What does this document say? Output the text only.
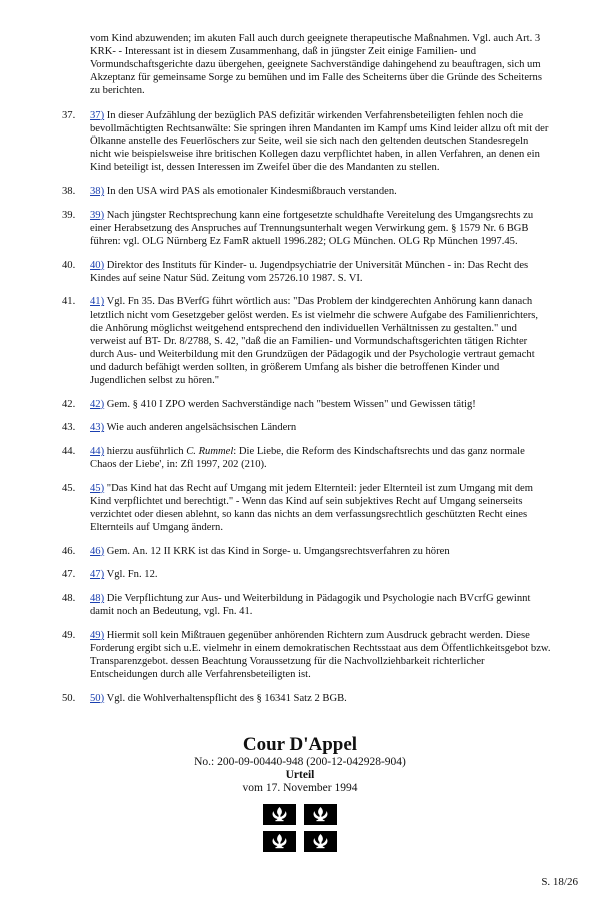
vom Kind abzuwenden; im akuten Fall auch durch geeignete therapeutische Maßnahmen. Vgl. auch Art. 3 KRK- - Interessant ist in diesem Zusammenhang, daß in jüngster Zeit einige Familien- und Vormundschaftsgerichte dazu übergehen, geeignete Sachverständige dahingehend zu beauftragen, sich um Akzeptanz für gemeinsame Sorge zu bemühen und im Falle des Scheiterns über die Gründe des Scheiterns zu berichten.

37.	37) In dieser Aufzählung der bezüglich PAS defizitär wirkenden Verfahrensbeteiligten fehlen noch die bevollmächtigten Rechtsanwälte: Sie springen ihren Mandanten im Kampf ums Kind leider allzu oft mit der Ölkanne anstelle des Feuerlöschers zur Seite, weil sie sich nach den geltenden deutschen Standesregeln nicht wie beispielsweise ihre britischen Kollegen dazu verpflichtet haben, in allen Verfahren, an denen ein Kind beteiligt ist, dessen Interessen im Zweifel über die des Mandanten zu stellen.
38.	38) In den USA wird PAS als emotionaler Kindesmißbrauch verstanden.
39.	39) Nach jüngster Rechtsprechung kann eine fortgesetzte schuldhafte Vereitelung des Umgangsrechts zu einer Herabsetzung des Anspruches auf Trennungsunterhalt wegen Verwirkung gem. § 1579 Nr. 6 BGB führen: vgl. OLG Nürnberg Ez FamR aktuell 1996.282; OLG München. OLG Rp München 1997.45.
40.	40) Direktor des Instituts für Kinder- u. Jugendpsychiatrie der Universität München - in: Das Recht des Kindes auf seine Natur Süd. Zeitung vom 25726.10 1987. S. VI.
41.	41) Vgl. Fn 35. Das BVerfG führt wörtlich aus: "Das Problem der kindgerechten Anhörung kann danach letztlich nicht vom Gesetzgeber gelöst werden. Es ist vielmehr die schwere Aufgabe des Familienrichters, die Anhörung möglichst weitgehend entsprechend den individuellen Verhältnissen zu gestalten." und verweist auf BT- Dr. 8/2788, S. 42, "daß die an Familien- und Vormundschaftsgerichten tätigen Richter durch Aus- und Weiterbildung mit den Grundzügen der Pädagogik und der Psychologie vertraut gemacht und dadurch befähigt werden sollten, in größerem Umfang als bisher die betroffenen Kinder und Jugendlichen selbst zu hören."
42.	42) Gem. § 410 I ZPO werden Sachverständige nach "bestem Wissen" und Gewissen tätig!
43.	43) Wie auch anderen angelsächsischen Ländern
44.	44) hierzu ausführlich C. Rummel: Die Liebe, die Reform des Kindschaftsrechts und das ganz normale Chaos der Liebe', in: Zfl 1997, 202 (210).
45.	45) "Das Kind hat das Recht auf Umgang mit jedem Elternteil: jeder Elternteil ist zum Umgang mit dem Kind verpflichtet und berechtigt." - Wenn das Kind auf sein subjektives Recht auf Umgang seinerseits verzichtet oder diesen ablehnt, so kann das nichts an dem verfassungsrechtlich geschützten Recht eines Elternteils auf Umgang ändern.
46.	46) Gem. An. 12 II KRK ist das Kind in Sorge- u. Umgangsrechtsverfahren zu hören
47.	47) Vgl. Fn. 12.
48.	48) Die Verpflichtung zur Aus- und Weiterbildung in Pädagogik und Psychologie nach BVcrfG gewinnt damit noch an Bedeutung, vgl. Fn. 41.
49.	49) Hiermit soll kein Mißtrauen gegenüber anhörenden Richtern zum Ausdruck gebracht werden. Diese Forderung ergibt sich u.E. vielmehr in einem demokratischen Rechtsstaat aus dem Öffentlichkeitsgebot bzw. Transparenzgebot. dessen Beachtung Voraussetzung für die Nachvollziehbarkeit richterlicher Entscheidungen durch alle Verfahrensbeteiligten ist.
50.	50) Vgl. die Wohlverhaltenspflicht des § 16341 Satz 2 BGB.

Cour D'Appel

No.: 200-09-00440-948 (200-12-042928-904)

Urteil

vom 17. November 1994

S. 18/26
